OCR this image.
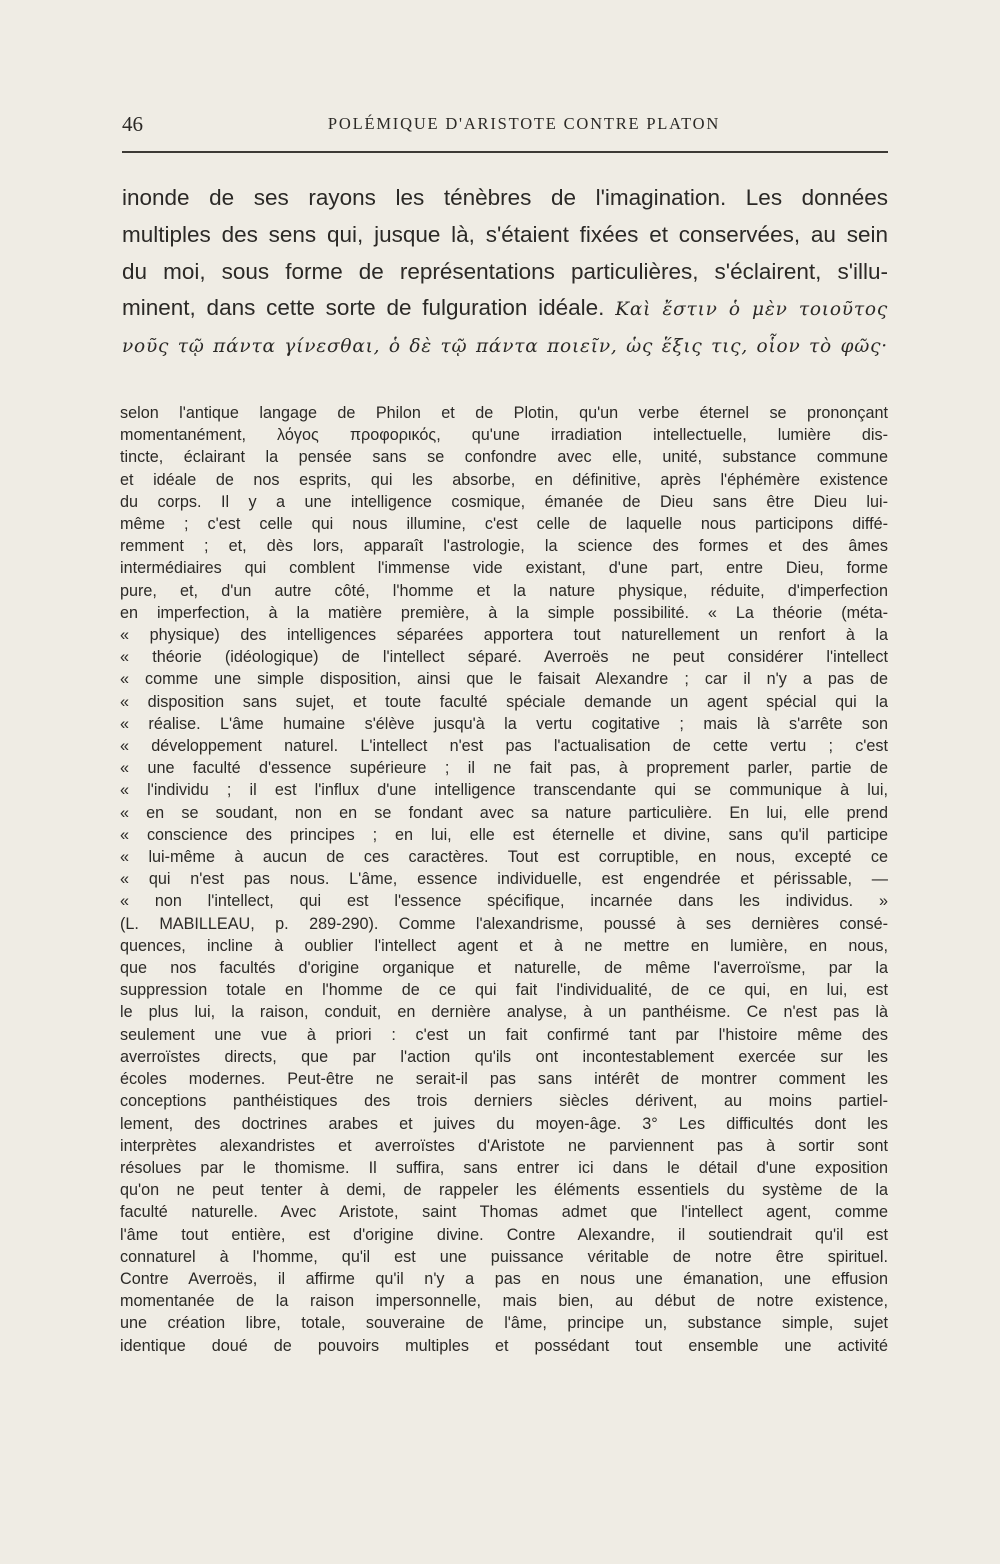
46	POLÉMIQUE D'ARISTOTE CONTRE PLATON
inonde de ses rayons les ténèbres de l'imagination. Les données
multiples des sens qui, jusque là, s'étaient fixées et conservées, au sein
du moi, sous forme de représentations particulières, s'éclairent, s'illu-
minent, dans cette sorte de fulguration idéale. Καὶ ἔστιν ὁ μὲν τοιοῦτος
νοῦς τῷ πάντα γίνεσθαι, ὁ δὲ τῷ πάντα ποιεῖν, ὡς ἕξις τις, οἷον τὸ φῶς·
selon l'antique langage de Philon et de Plotin, qu'un verbe éternel se prononçant
momentanément, λόγος προφορικός, qu'une irradiation intellectuelle, lumière dis-
tincte, éclairant la pensée sans se confondre avec elle, unité, substance commune
et idéale de nos esprits, qui les absorbe, en définitive, après l'éphémère existence
du corps. Il y a une intelligence cosmique, émanée de Dieu sans être Dieu lui-
même ; c'est celle qui nous illumine, c'est celle de laquelle nous participons diffé-
remment ; et, dès lors, apparaît l'astrologie, la science des formes et des âmes
intermédiaires qui comblent l'immense vide existant, d'une part, entre Dieu, forme
pure, et, d'un autre côté, l'homme et la nature physique, réduite, d'imperfection
en imperfection, à la matière première, à la simple possibilité. « La théorie (méta-
« physique) des intelligences séparées apportera tout naturellement un renfort à la
« théorie (idéologique) de l'intellect séparé. Averroës ne peut considérer l'intellect
« comme une simple disposition, ainsi que le faisait Alexandre ; car il n'y a pas de
« disposition sans sujet, et toute faculté spéciale demande un agent spécial qui la
« réalise. L'âme humaine s'élève jusqu'à la vertu cogitative ; mais là s'arrête son
« développement naturel. L'intellect n'est pas l'actualisation de cette vertu ; c'est
« une faculté d'essence supérieure ; il ne fait pas, à proprement parler, partie de
« l'individu ; il est l'influx d'une intelligence transcendante qui se communique à lui,
« en se soudant, non en se fondant avec sa nature particulière. En lui, elle prend
« conscience des principes ; en lui, elle est éternelle et divine, sans qu'il participe
« lui-même à aucun de ces caractères. Tout est corruptible, en nous, excepté ce
« qui n'est pas nous. L'âme, essence individuelle, est engendrée et périssable, —
« non l'intellect, qui est l'essence spécifique, incarnée dans les individus. »
(L. MABILLEAU, p. 289-290). Comme l'alexandrisme, poussé à ses dernières consé-
quences, incline à oublier l'intellect agent et à ne mettre en lumière, en nous,
que nos facultés d'origine organique et naturelle, de même l'averroïsme, par la
suppression totale en l'homme de ce qui fait l'individualité, de ce qui, en lui, est
le plus lui, la raison, conduit, en dernière analyse, à un panthéisme. Ce n'est pas là
seulement une vue à priori : c'est un fait confirmé tant par l'histoire même des
averroïstes directs, que par l'action qu'ils ont incontestablement exercée sur les
écoles modernes. Peut-être ne serait-il pas sans intérêt de montrer comment les
conceptions panthéistiques des trois derniers siècles dérivent, au moins partiel-
lement, des doctrines arabes et juives du moyen-âge. 3° Les difficultés dont les
interprètes alexandristes et averroïstes d'Aristote ne parviennent pas à sortir sont
résolues par le thomisme. Il suffira, sans entrer ici dans le détail d'une exposition
qu'on ne peut tenter à demi, de rappeler les éléments essentiels du système de la
faculté naturelle. Avec Aristote, saint Thomas admet que l'intellect agent, comme
l'âme tout entière, est d'origine divine. Contre Alexandre, il soutiendrait qu'il est
connaturel à l'homme, qu'il est une puissance véritable de notre être spirituel.
Contre Averroës, il affirme qu'il n'y a pas en nous une émanation, une effusion
momentanée de la raison impersonnelle, mais bien, au début de notre existence,
une création libre, totale, souveraine de l'âme, principe un, substance simple, sujet
identique doué de pouvoirs multiples et possédant tout ensemble une activité
